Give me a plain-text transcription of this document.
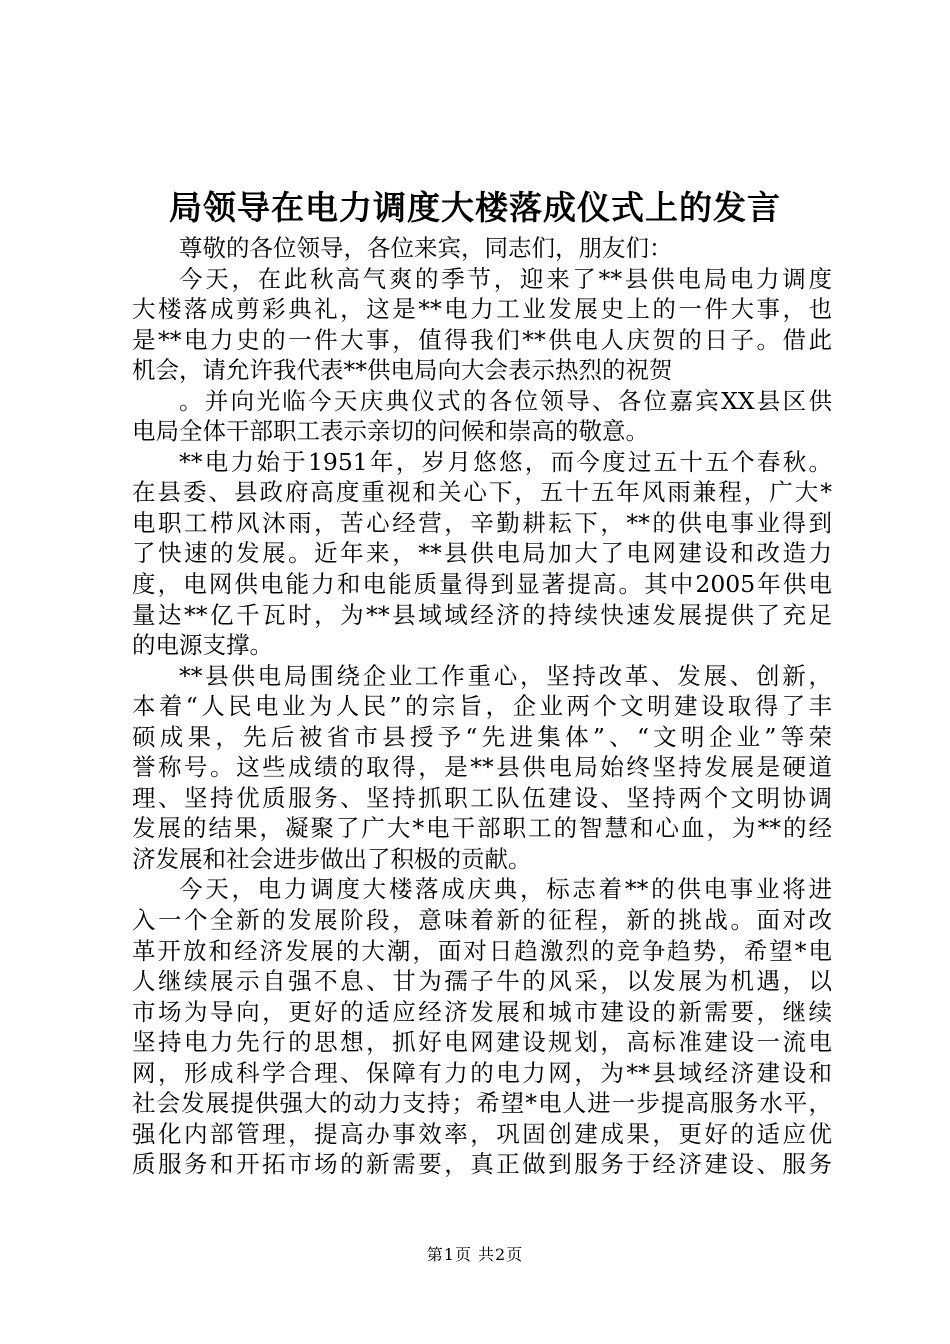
局领导在电力调度大楼落成仪式上的发言
尊敬的各位领导，各位来宾，同志们，朋友们：
今天，在此秋高气爽的季节，迎来了**县供电局电力调度
大楼落成剪彩典礼，这是**电力工业发展史上的一件大事，也
是**电力史的一件大事，值得我们**供电人庆贺的日子。借此
机会，请允许我代表**供电局向大会表示热烈的祝贺
。并向光临今天庆典仪式的各位领导、各位嘉宾XX县区供
电局全体干部职工表示亲切的问候和崇高的敬意。
**电力始于1951年，岁月悠悠，而今度过五十五个春秋。
在县委、县政府高度重视和关心下，五十五年风雨兼程，广大*
电职工栉风沐雨，苦心经营，辛勤耕耘下，**的供电事业得到
了快速的发展。近年来，**县供电局加大了电网建设和改造力
度，电网供电能力和电能质量得到显著提高。其中2005年供电
量达**亿千瓦时，为**县域域经济的持续快速发展提供了充足
的电源支撑。
**县供电局围绕企业工作重心，坚持改革、发展、创新，
本着“人民电业为人民”的宗旨，企业两个文明建设取得了丰
硕成果，先后被省市县授予“先进集体”、“文明企业”等荣
誉称号。这些成绩的取得，是**县供电局始终坚持发展是硬道
理、坚持优质服务、坚持抓职工队伍建设、坚持两个文明协调
发展的结果，凝聚了广大*电干部职工的智慧和心血，为**的经
济发展和社会进步做出了积极的贡献。
今天，电力调度大楼落成庆典，标志着**的供电事业将进
入一个全新的发展阶段，意味着新的征程，新的挑战。面对改
革开放和经济发展的大潮，面对日趋激烈的竞争趋势，希望*电
人继续展示自强不息、甘为孺子牛的风采，以发展为机遇，以
市场为导向，更好的适应经济发展和城市建设的新需要，继续
坚持电力先行的思想，抓好电网建设规划，高标准建设一流电
网，形成科学合理、保障有力的电力网，为**县域经济建设和
社会发展提供强大的动力支持；希望*电人进一步提高服务水平，
强化内部管理，提高办事效率，巩固创建成果，更好的适应优
质服务和开拓市场的新需要，真正做到服务于经济建设、服务
第1页 共2页
